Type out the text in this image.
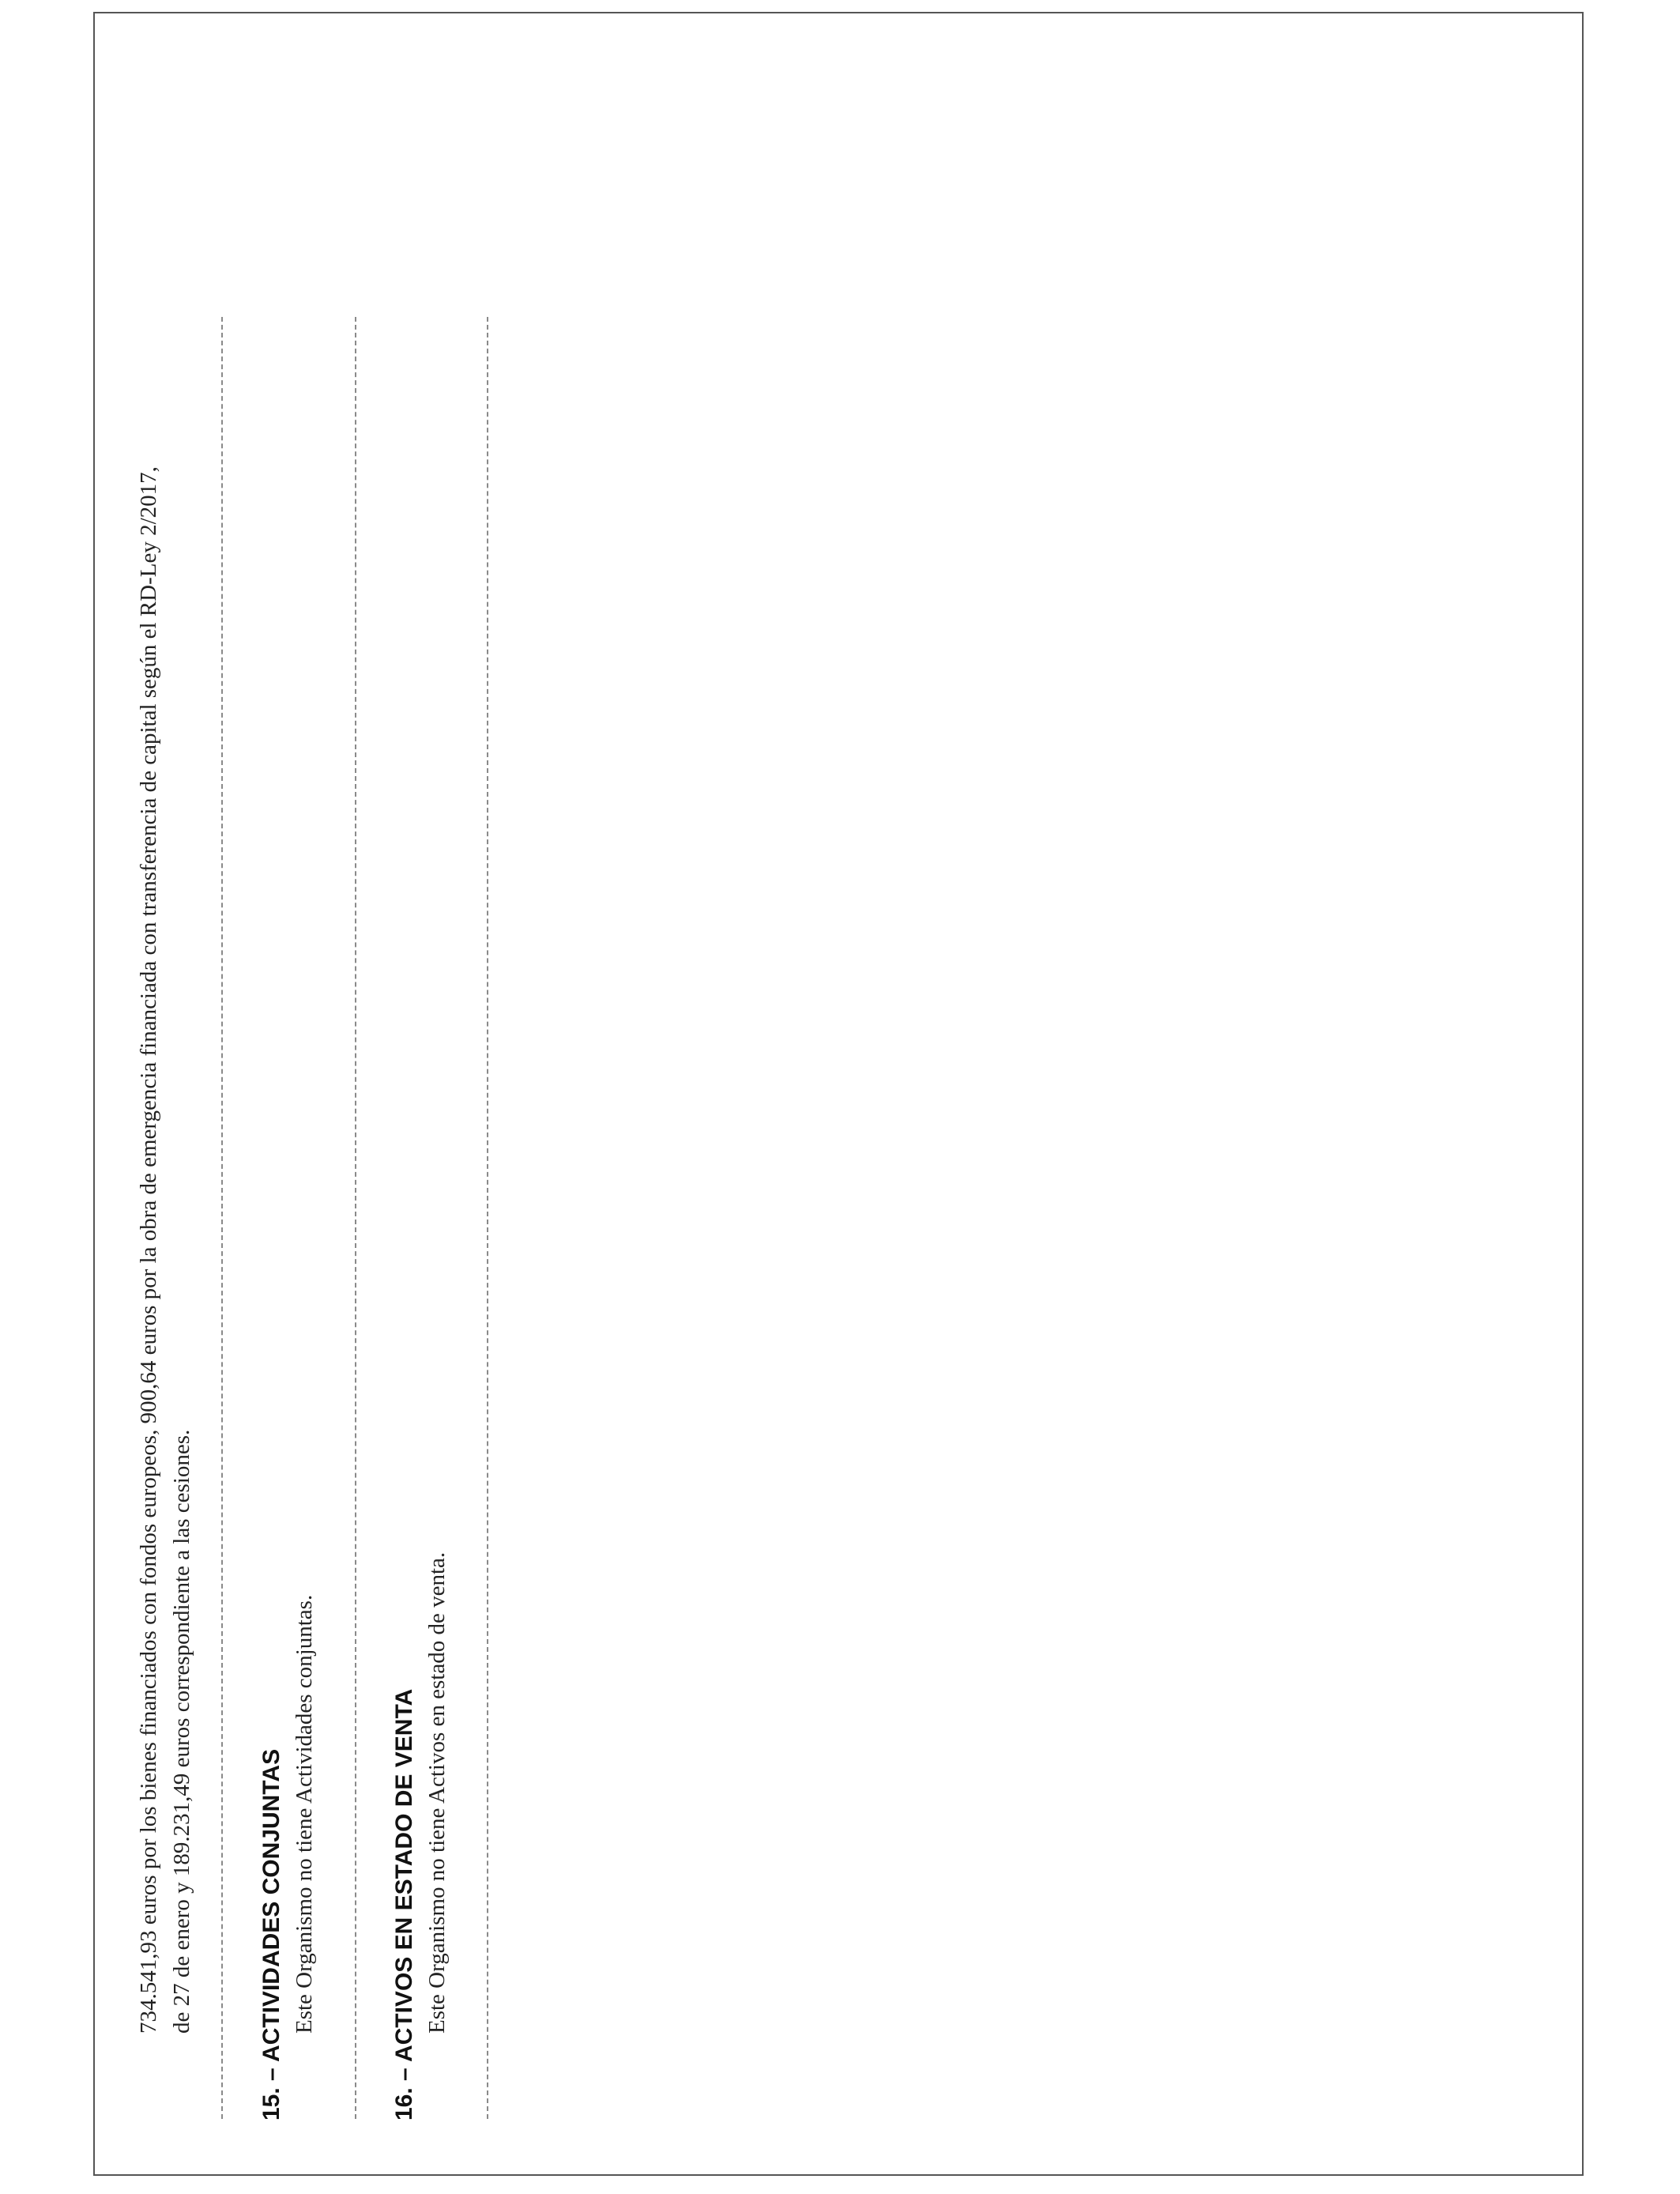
734.541,93 euros por los bienes financiados con fondos europeos, 900,64 euros por la obra de emergencia financiada con transferencia de capital según el RD-Ley 2/2017, de 27 de enero y 189.231,49 euros correspondiente a las cesiones.	15. – ACTIVIDADES CONJUNTAS Este Organismo no tiene Actividades conjuntas.	16. – ACTIVOS EN ESTADO DE VENTA Este Organismo no tiene Activos en estado de venta.
